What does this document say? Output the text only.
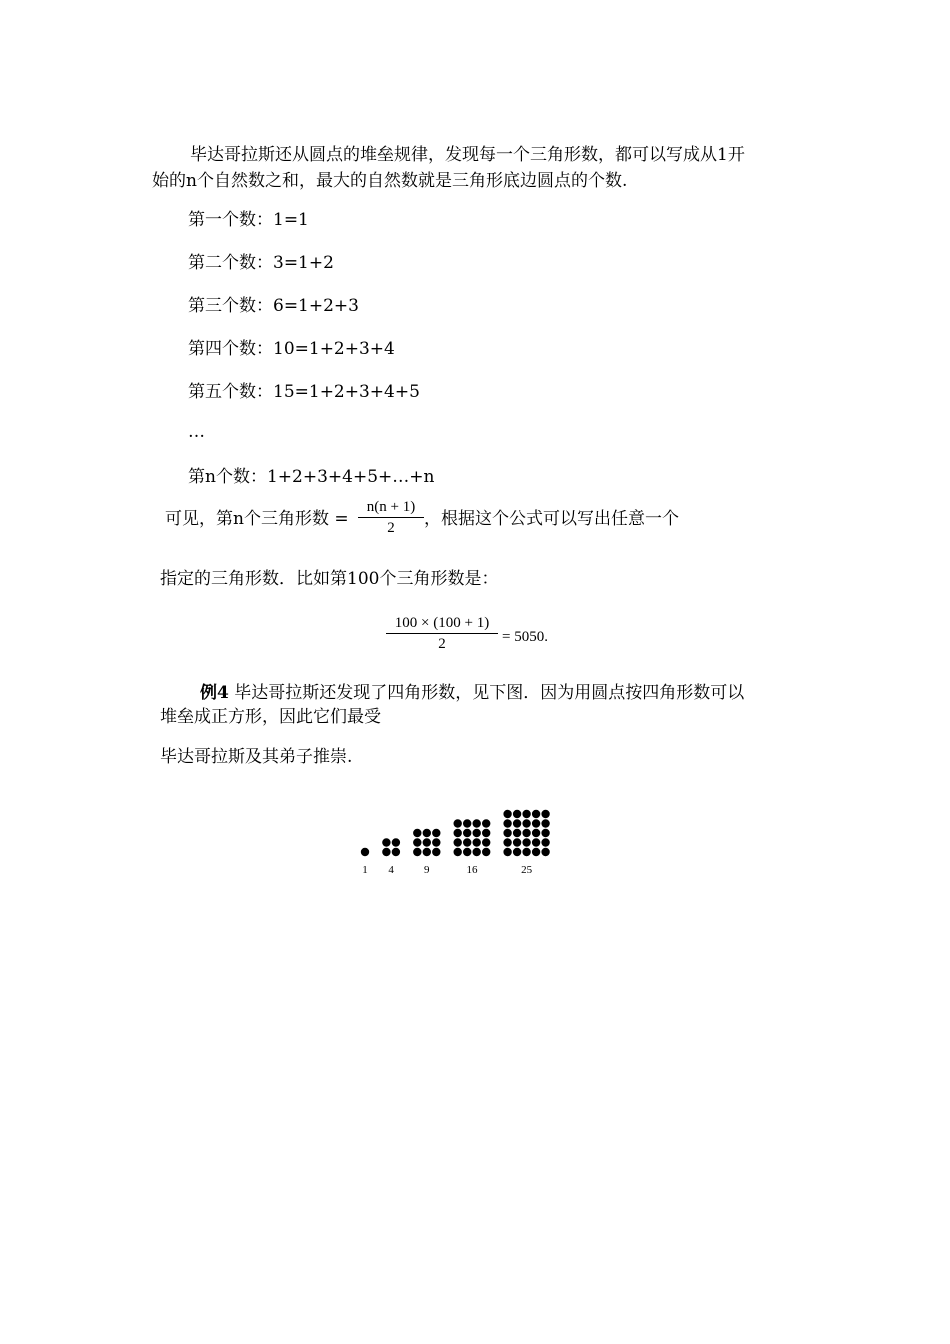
毕达哥拉斯还从圆点的堆垒规律，发现每一个三角形数，都可以写成从1开
始的n个自然数之和，最大的自然数就是三角形底边圆点的个数.
第一个数：1=1
第二个数：3=1+2
第三个数：6=1+2+3
第四个数：10=1+2+3+4
第五个数：15=1+2+3+4+5
…
第n个数：1+2+3+4+5+…+n
可见，第n个三角形数 =
n(n + 1)
2	，根据这个公式可以写出任意一个
指定的三角形数．比如第100个三角形数是：
100 × (100 + 1)
2	= 5050.
例4 毕达哥拉斯还发现了四角形数，见下图．因为用圆点按四角形数可以
堆垒成正方形，因此它们最受
毕达哥拉斯及其弟子推崇.
1 4	9	16	25
